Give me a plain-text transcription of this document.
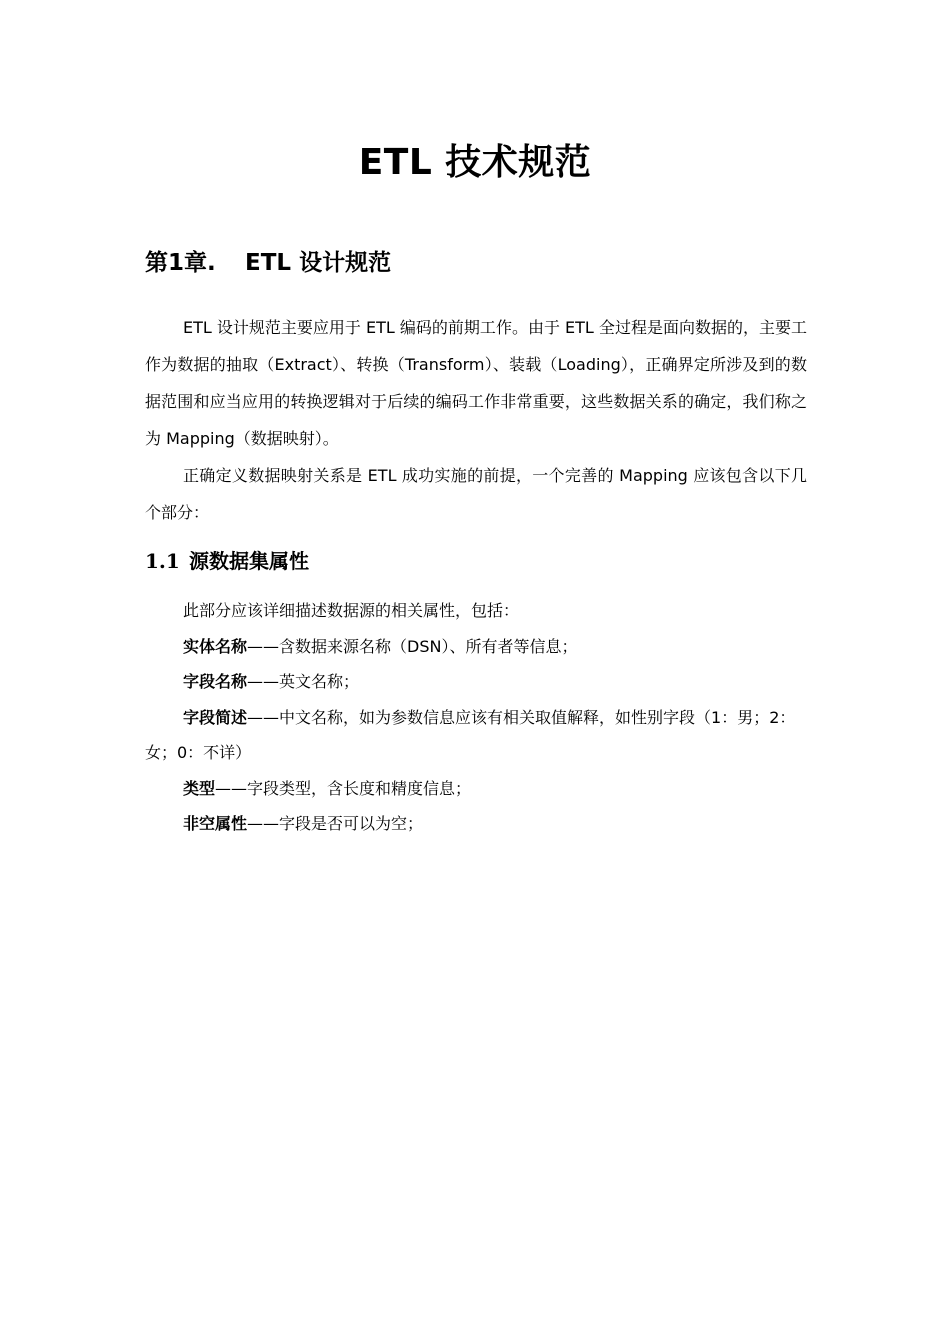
ETL 技术规范
第1章. ETL 设计规范

ETL 设计规范主要应用于 ETL 编码的前期工作。由于 ETL 全过程是面向数据的，主要工作为数据的抽取（Extract）、转换（Transform）、装载（Loading），正确界定所涉及到的数据范围和应当应用的转换逻辑对于后续的编码工作非常重要，这些数据关系的确定，我们称之为 Mapping（数据映射）。

正确定义数据映射关系是 ETL 成功实施的前提，一个完善的 Mapping 应该包含以下几个部分：

1.1 源数据集属性

此部分应该详细描述数据源的相关属性，包括：

实体名称——含数据来源名称（DSN）、所有者等信息；

字段名称——英文名称；

字段简述——中文名称，如为参数信息应该有相关取值解释，如性别字段（1：男；2：女；0：不详）

类型——字段类型，含长度和精度信息；

非空属性——字段是否可以为空；
